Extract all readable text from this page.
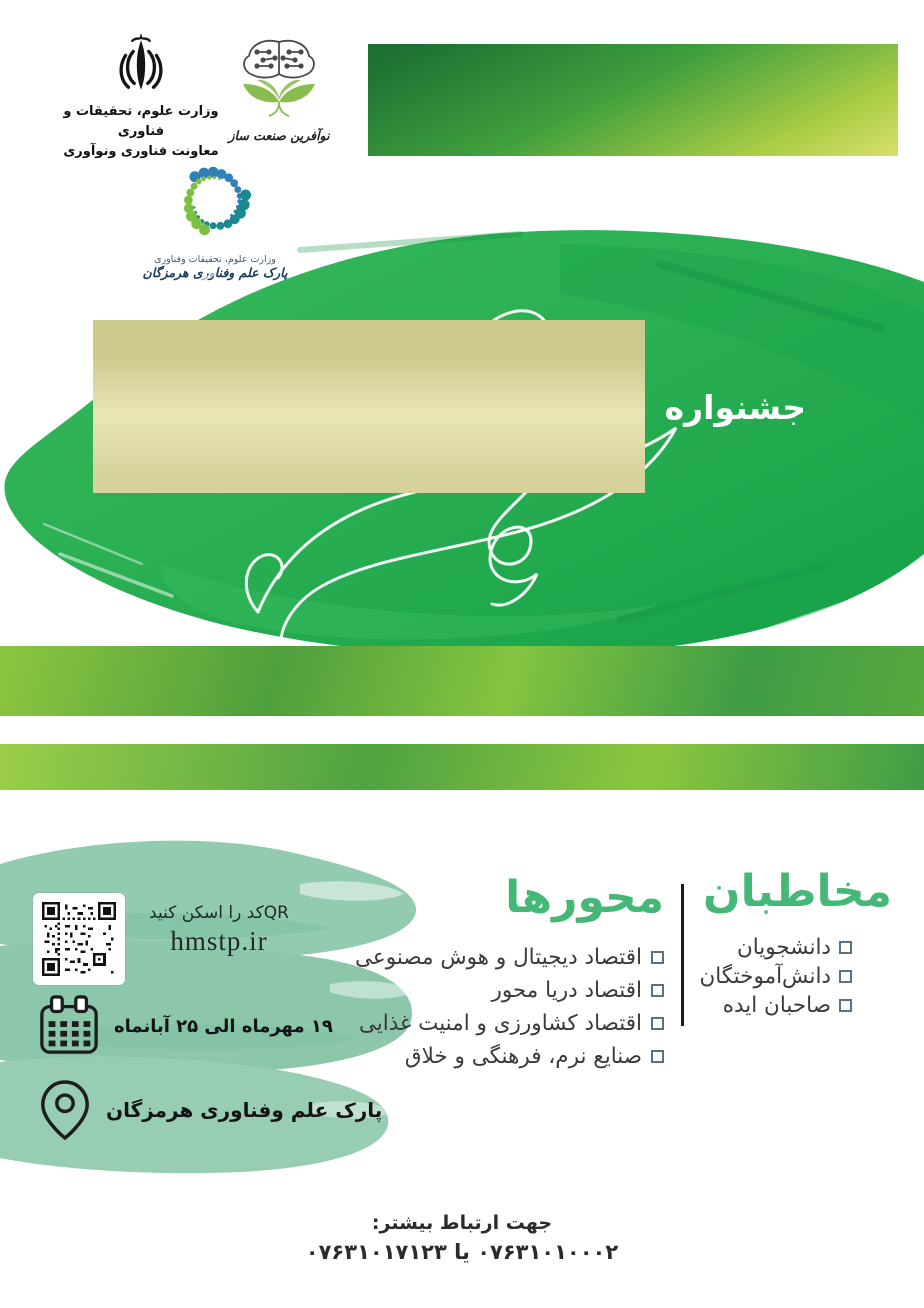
وزارت علوم، تحقیقات و فناوری
معاونت فناوری ونوآوری
نوآفرین صنعت ساز
وزارت علوم، تحقیقات وفناوری
پارک علم وفناوری هرمزگان
جشنواره
QRکد را اسکن کنید
hmstp.ir
۱۹ مهرماه الی ۲۵ آبانماه
پارک علم وفناوری هرمزگان
محورها
اقتصاد دیجیتال و هوش مصنوعی
اقتصاد دریا محور
اقتصاد کشاورزی و امنیت غذایی
صنایع نرم، فرهنگی و خلاق
مخاطبان
دانشجویان
دانش‌آموختگان
صاحبان ایده
جهت ارتباط بیشتر:
۰۷۶۳۱۰۱۰۰۰۲ یا ۰۷۶۳۱۰۱۷۱۲۳
